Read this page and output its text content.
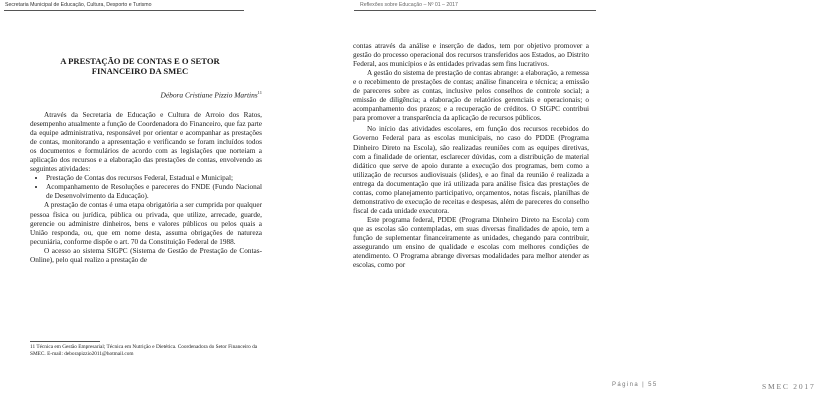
Secretaria Municipal de Educação, Cultura, Desporto e Turismo
A PRESTAÇÃO DE CONTAS E O SETOR
FINANCEIRO DA SMEC
Débora Cristiane Pizzio Martins$^{11}$

Através da Secretaria de Educação e Cultura de Arroio dos Ratos, desempenho atualmente a função de Coordenadora do Financeiro, que faz parte da equipe administrativa, responsável por orientar e acompanhar as prestações de contas, monitorando a apresentação e verificando se foram incluídos todos os documentos e formulários de acordo com as legislações que norteiam a aplicação dos recursos e a elaboração das prestações de contas, envolvendo as seguintes atividades:

• Prestação de Contas dos recursos Federal, Estadual e Municipal;
• Acompanhamento de Resoluções e pareceres do FNDE (Fundo Nacional de Desenvolvimento da Educação).

A prestação de contas é uma etapa obrigatória a ser cumprida por qualquer pessoa física ou jurídica, pública ou privada, que utilize, arrecade, guarde, gerencie ou administre dinheiros, bens e valores públicos ou pelos quais a União responda, ou, que em nome desta, assuma obrigações de natureza pecuniária, conforme dispõe o art. 70 da Constituição Federal de 1988.

O acesso ao sistema SIGPC (Sistema de Gestão de Prestação de Contas- Online), pelo qual realizo a prestação de

11 Técnica em Gestão Empresarial; Técnica em Nutrição e Dietética. Coordenadora do Setor Financeiro da SMEC. E-mail: deborapizzio2011@hotmail.com
Reflexões sobre Educação – Nº 01 – 2017

contas através da análise e inserção de dados, tem por objetivo promover a gestão do processo operacional dos recursos transferidos aos Estados, ao Distrito Federal, aos municípios e às entidades privadas sem fins lucrativos.

A gestão do sistema de prestação de contas abrange: a elaboração, a remessa e o recebimento de prestações de contas; análise financeira e técnica; a emissão de pareceres sobre as contas, inclusive pelos conselhos de controle social; a emissão de diligência; a elaboração de relatórios gerenciais e operacionais; o acompanhamento dos prazos; e a recuperação de créditos. O SIGPC contribui para promover a transparência da aplicação de recursos públicos.

No início das atividades escolares, em função dos recursos recebidos do Governo Federal para as escolas municipais, no caso do PDDE (Programa Dinheiro Direto na Escola), são realizadas reuniões com as equipes diretivas, com a finalidade de orientar, esclarecer dúvidas, com a distribuição de material didático que serve de apoio durante a execução dos programas, bem como a utilização de recursos audiovisuais (slides), e ao final da reunião é realizada a entrega da documentação que irá utilizada para análise física das prestações de contas, como planejamento participativo, orçamentos, notas fiscais, planilhas de demonstrativo de execução de receitas e despesas, além de pareceres do conselho fiscal de cada unidade executora.

Este programa federal, PDDE (Programa Dinheiro Direto na Escola) com que as escolas são contempladas, em suas diversas finalidades de apoio, tem a função de suplementar financeiramente as unidades, chegando para contribuir, assegurando um ensino de qualidade e escolas com melhores condições de atendimento. O Programa abrange diversas modalidades para melhor atender as escolas, como por

Página | 55	SMEC 2017
